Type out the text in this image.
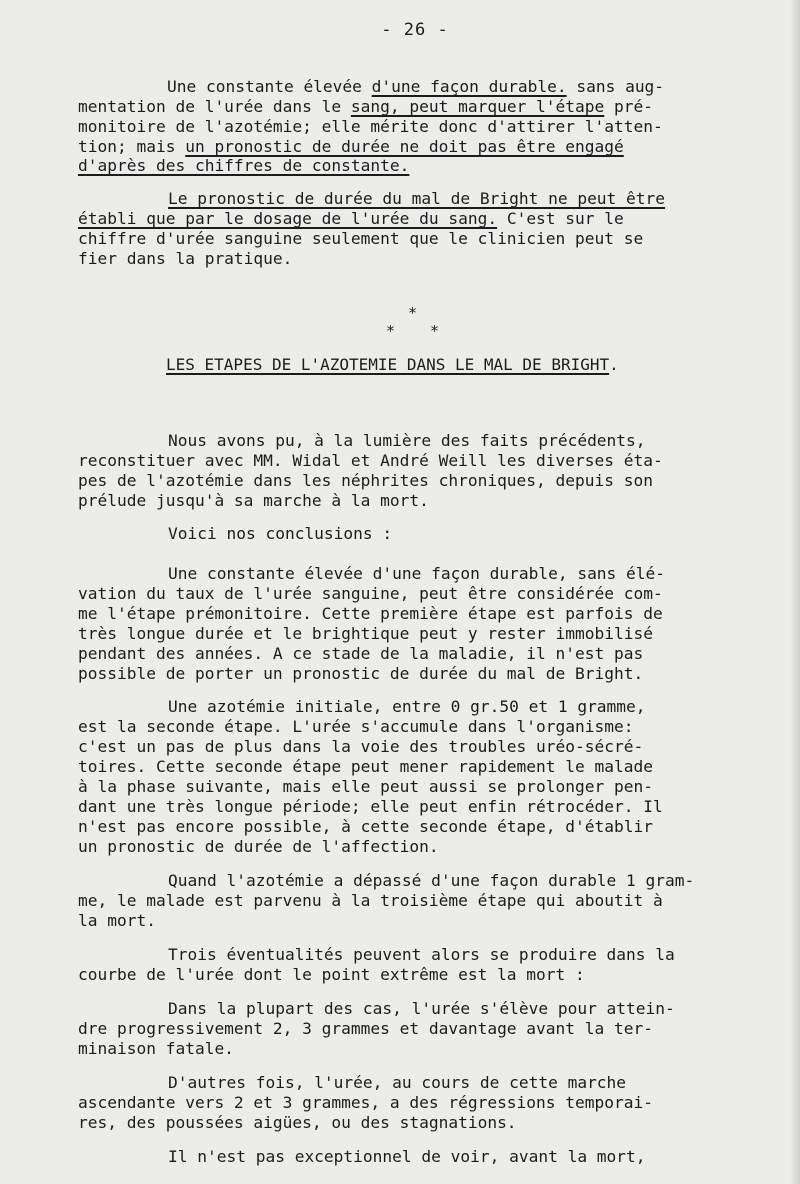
- 26 -
Une constante élevée d'une façon durable. sans aug-
mentation de l'urée dans le sang, peut marquer l'étape pré-
monitoire de l'azotémie; elle mérite donc d'attirer l'atten-
tion; mais un pronostic de durée ne doit pas être engagé
d'après des chiffres de constante.
Le pronostic de durée du mal de Bright ne peut être
établi que par le dosage de l'urée du sang. C'est sur le
chiffre d'urée sanguine seulement que le clinicien peut se
fier dans la pratique.
*
* *
LES ETAPES DE L'AZOTEMIE DANS LE MAL DE BRIGHT.
Nous avons pu, à la lumière des faits précédents,
reconstituer avec MM. Widal et André Weill les diverses éta-
pes de l'azotémie dans les néphrites chroniques, depuis son
prélude jusqu'à sa marche à la mort.
Voici nos conclusions :
Une constante élevée d'une façon durable, sans élé-
vation du taux de l'urée sanguine, peut être considérée com-
me l'étape prémonitoire. Cette première étape est parfois de
très longue durée et le brightique peut y rester immobilisé
pendant des années. A ce stade de la maladie, il n'est pas
possible de porter un pronostic de durée du mal de Bright.
Une azotémie initiale, entre 0 gr.50 et 1 gramme,
est la seconde étape. L'urée s'accumule dans l'organisme:
c'est un pas de plus dans la voie des troubles uréo-sécré-
toires. Cette seconde étape peut mener rapidement le malade
à la phase suivante, mais elle peut aussi se prolonger pen-
dant une très longue période; elle peut enfin rétrocéder. Il
n'est pas encore possible, à cette seconde étape, d'établir
un pronostic de durée de l'affection.
Quand l'azotémie a dépassé d'une façon durable 1 gram-
me, le malade est parvenu à la troisième étape qui aboutit à
la mort.
Trois éventualités peuvent alors se produire dans la
courbe de l'urée dont le point extrême est la mort :
Dans la plupart des cas, l'urée s'élève pour attein-
dre progressivement 2, 3 grammes et davantage avant la ter-
minaison fatale.
D'autres fois, l'urée, au cours de cette marche
ascendante vers 2 et 3 grammes, a des régressions temporai-
res, des poussées aigües, ou des stagnations.
Il n'est pas exceptionnel de voir, avant la mort,
